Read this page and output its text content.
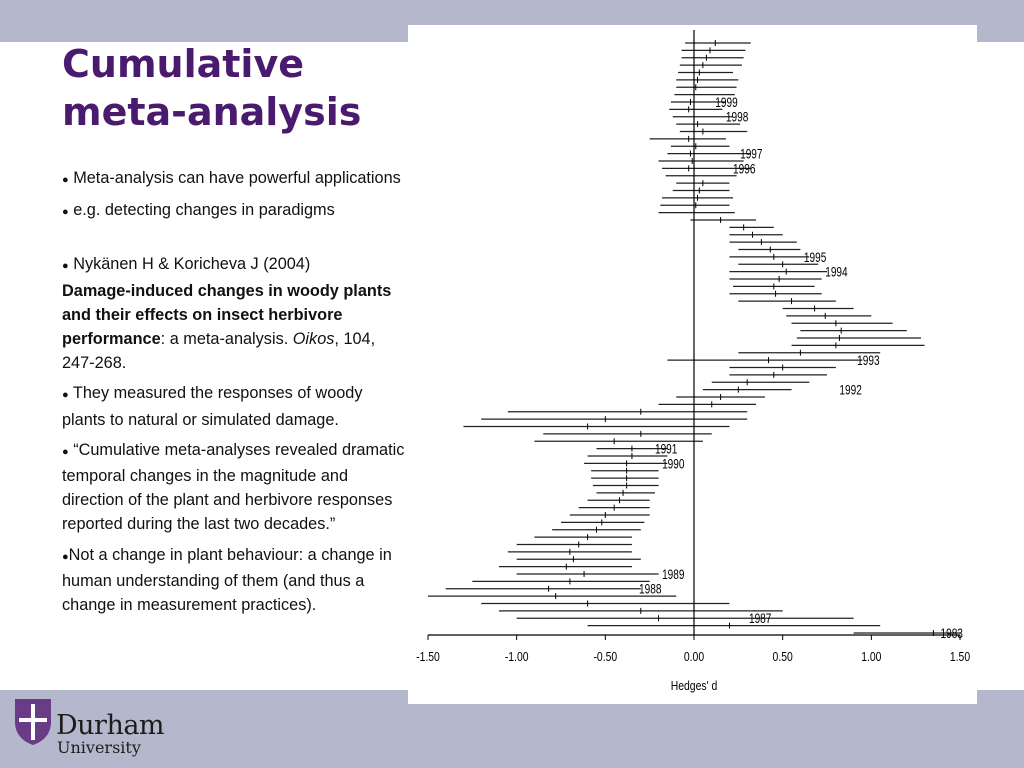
Cumulative
meta-analysis

● Meta-analysis can have powerful applications

● e.g. detecting changes in paradigms

● Nykänen H & Koricheva J (2004)
Damage-induced changes in woody plants and their effects on insect herbivore performance: a meta-analysis. Oikos, 104, 247-268.

● They measured the responses of woody plants to natural or simulated damage.

● “Cumulative meta-analyses revealed dramatic temporal changes in the magnitude and direction of the plant and herbivore responses reported during the last two decades.”

●Not a change in plant behaviour: a change in human understanding of them (and thus a change in measurement practices).

-1.50	-1.00	-0.50	0.00	0.50	1.00	1.50
1999
1998
1997
1996
1995
1994
1993
1992
1991
1990
1989
1988
1987
1983
Hedges' d
Durham
University
